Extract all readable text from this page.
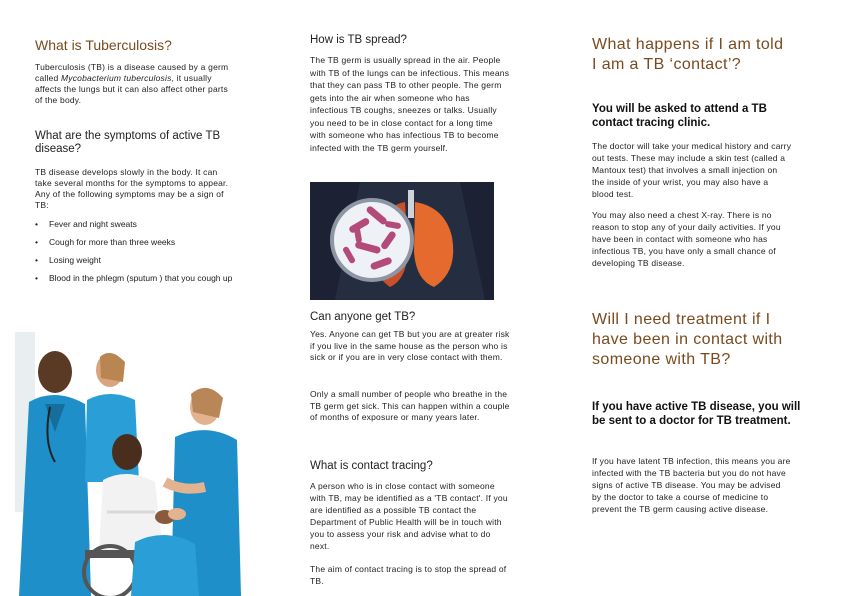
What is Tuberculosis?

Tuberculosis (TB) is a disease caused by a germ called Mycobacterium tuberculosis, it usually affects the lungs but it can also affect other parts of the body.

What are the symptoms of active TB disease?

TB disease develops slowly in the body. It can take several months for the symptoms to appear. Any of the following symptoms may be a sign of TB:

• Fever and night sweats
• Cough for more than three weeks
• Losing weight
• Blood in the phlegm (sputum ) that you cough up
How is TB spread?

The TB germ is usually spread in the air. People with TB of the lungs can be infectious. This means that they can pass TB to other people. The germ gets into the air when someone who has infectious TB coughs, sneezes or talks. Usually you need to be in close contact for a long time with someone who has infectious TB to become infected with the TB germ yourself.

Can anyone get TB?

Yes. Anyone can get TB but you are at greater risk if you live in the same house as the person who is sick or if you are in very close contact with them.

Only a small number of people who breathe in the TB germ get sick. This can happen within a couple of months of exposure or many years later.

What is contact tracing?

A person who is in close contact with someone with TB, may be identified as a 'TB contact'. If you are identified as a possible TB contact the Department of Public Health will be in touch with you to assess your risk and advise what to do next.

The aim of contact tracing is to stop the spread of TB.

What happens if I am told I am a TB ‘contact’?

You will be asked to attend a TB contact tracing clinic.

The doctor will take your medical history and carry out tests. These may include a skin test (called a Mantoux test) that involves a small injection on the inside of your wrist, you may also have a blood test.

You may also need a chest X-ray. There is no reason to stop any of your daily activities. If you have been in contact with someone who has infectious TB, you have only a small chance of developing TB disease.

Will I need treatment if I have been in contact with someone with TB?

If you have active TB disease, you will be sent to a doctor for TB treatment.

If you have latent TB infection, this means you are infected with the TB bacteria but you do not have signs of active TB disease. You may be advised by the doctor to take a course of medicine to prevent the TB germ causing active disease.
